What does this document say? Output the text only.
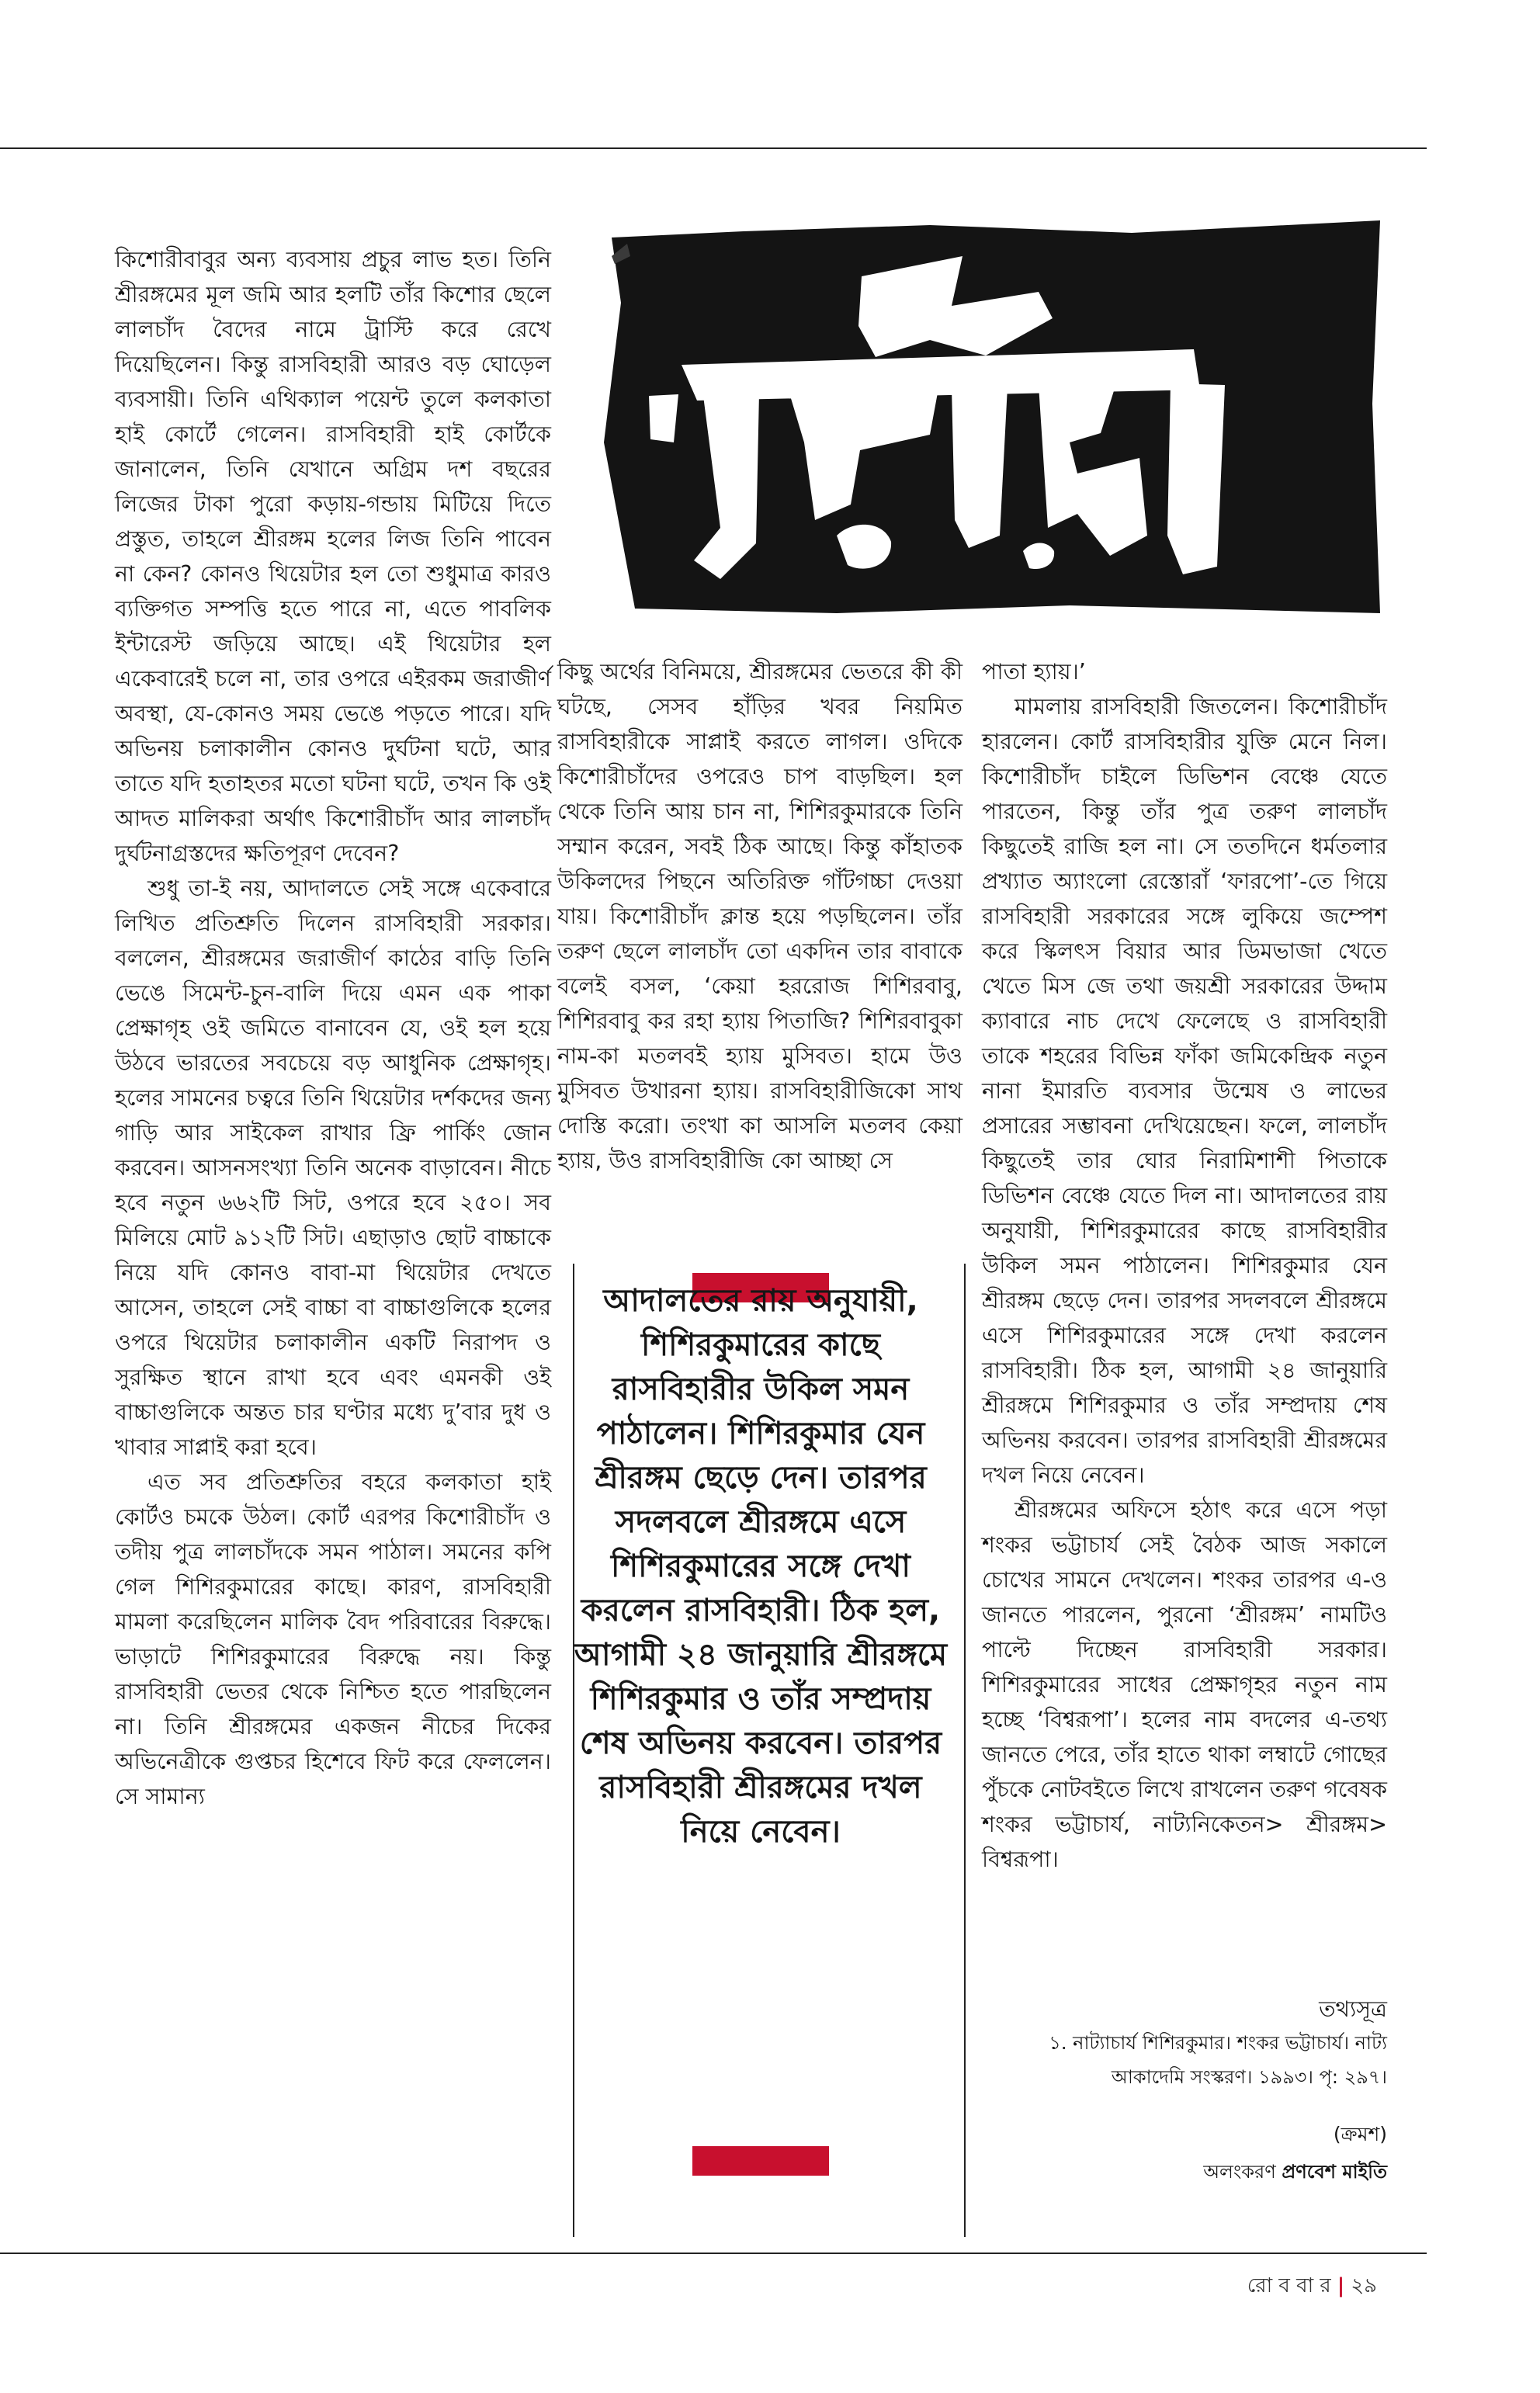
কিশোরীবাবুর অন্য ব্যবসায় প্রচুর লাভ হত। তিনি শ্রীরঙ্গমের মূল জমি আর হলটি তাঁর কিশোর ছেলে লালচাঁদ বৈদের নামে ট্রাস্টি করে রেখে দিয়েছিলেন। কিন্তু রাসবিহারী আরও বড় ঘোড়েল ব্যবসায়ী। তিনি এথিক্যাল পয়েন্ট তুলে কলকাতা হাই কোর্টে গেলেন। রাসবিহারী হাই কোর্টকে জানালেন, তিনি যেখানে অগ্রিম দশ বছরের লিজের টাকা পুরো কড়ায়-গন্ডায় মিটিয়ে দিতে প্রস্তুত, তাহলে শ্রীরঙ্গম হলের লিজ তিনি পাবেন না কেন? কোনও থিয়েটার হল তো শুধুমাত্র কারও ব্যক্তিগত সম্পত্তি হতে পারে না, এতে পাবলিক ইন্টারেস্ট জড়িয়ে আছে। এই থিয়েটার হল একেবারেই চলে না, তার ওপরে এইরকম জরাজীর্ণ অবস্থা, যে-কোনও সময় ভেঙে পড়তে পারে। যদি অভিনয় চলাকালীন কোনও দুর্ঘটনা ঘটে, আর তাতে যদি হতাহতর মতো ঘটনা ঘটে, তখন কি ওই আদত মালিকরা অর্থাৎ কিশোরীচাঁদ আর লালচাঁদ দুর্ঘটনাগ্রস্তদের ক্ষতিপূরণ দেবেন?

শুধু তা-ই নয়, আদালতে সেই সঙ্গে একেবারে লিখিত প্রতিশ্রুতি দিলেন রাসবিহারী সরকার। বললেন, শ্রীরঙ্গমের জরাজীর্ণ কাঠের বাড়ি তিনি ভেঙে সিমেন্ট-চুন-বালি দিয়ে এমন এক পাকা প্রেক্ষাগৃহ ওই জমিতে বানাবেন যে, ওই হল হয়ে উঠবে ভারতের সবচেয়ে বড় আধুনিক প্রেক্ষাগৃহ। হলের সামনের চত্বরে তিনি থিয়েটার দর্শকদের জন্য গাড়ি আর সাইকেল রাখার ফ্রি পার্কিং জোন করবেন। আসনসংখ্যা তিনি অনেক বাড়াবেন। নীচে হবে নতুন ৬৬২টি সিট, ওপরে হবে ২৫০। সব মিলিয়ে মোট ৯১২টি সিট। এছাড়াও ছোট বাচ্চাকে নিয়ে যদি কোনও বাবা-মা থিয়েটার দেখতে আসেন, তাহলে সেই বাচ্চা বা বাচ্চাগুলিকে হলের ওপরে থিয়েটার চলাকালীন একটি নিরাপদ ও সুরক্ষিত স্থানে রাখা হবে এবং এমনকী ওই বাচ্চাগুলিকে অন্তত চার ঘণ্টার মধ্যে দু’বার দুধ ও খাবার সাপ্লাই করা হবে।

এত সব প্রতিশ্রুতির বহরে কলকাতা হাই কোর্টও চমকে উঠল। কোর্ট এরপর কিশোরীচাঁদ ও তদীয় পুত্র লালচাঁদকে সমন পাঠাল। সমনের কপি গেল শিশিরকুমারের কাছে। কারণ, রাসবিহারী মামলা করেছিলেন মালিক বৈদ পরিবারের বিরুদ্ধে। ভাড়াটে শিশিরকুমারের বিরুদ্ধে নয়। কিন্তু রাসবিহারী ভেতর থেকে নিশ্চিত হতে পারছিলেন না। তিনি শ্রীরঙ্গমের একজন নীচের দিকের অভিনেত্রীকে গুপ্তচর হিশেবে ফিট করে ফেললেন। সে সামান্য

কিছু অর্থের বিনিময়ে, শ্রীরঙ্গমের ভেতরে কী কী ঘটছে, সেসব হাঁড়ির খবর নিয়মিত রাসবিহারীকে সাপ্লাই করতে লাগল। ওদিকে কিশোরীচাঁদের ওপরেও চাপ বাড়ছিল। হল থেকে তিনি আয় চান না, শিশিরকুমারকে তিনি সম্মান করেন, সবই ঠিক আছে। কিন্তু কাঁহাতক উকিলদের পিছনে অতিরিক্ত গাঁটগচ্চা দেওয়া যায়। কিশোরীচাঁদ ক্লান্ত হয়ে পড়ছিলেন। তাঁর তরুণ ছেলে লালচাঁদ তো একদিন তার বাবাকে বলেই বসল, ‘কেয়া হররোজ শিশিরবাবু, শিশিরবাবু কর রহা হ্যায় পিতাজি? শিশিরবাবুকা নাম-কা মতলবই হ্যায় মুসিবত। হামে উও মুসিবত উখারনা হ্যায়। রাসবিহারীজিকো সাথ দোস্তি করো। তংখা কা আসলি মতলব কেয়া হ্যায়, উও রাসবিহারীজি কো আচ্ছা সে

আদালতের রায় অনুযায়ী, শিশিরকুমারের কাছে রাসবিহারীর উকিল সমন পাঠালেন। শিশিরকুমার যেন শ্রীরঙ্গম ছেড়ে দেন। তারপর সদলবলে শ্রীরঙ্গমে এসে শিশিরকুমারের সঙ্গে দেখা করলেন রাসবিহারী। ঠিক হল, আগামী ২৪ জানুয়ারি শ্রীরঙ্গমে শিশিরকুমার ও তাঁর সম্প্রদায় শেষ অভিনয় করবেন। তারপর রাসবিহারী শ্রীরঙ্গমের দখল নিয়ে নেবেন।

পাতা হ্যায়।’

মামলায় রাসবিহারী জিতলেন। কিশোরীচাঁদ হারলেন। কোর্ট রাসবিহারীর যুক্তি মেনে নিল। কিশোরীচাঁদ চাইলে ডিভিশন বেঞ্চে যেতে পারতেন, কিন্তু তাঁর পুত্র তরুণ লালচাঁদ কিছুতেই রাজি হল না। সে ততদিনে ধর্মতলার প্রখ্যাত অ্যাংলো রেস্তোরাঁ ‘ফারপো’-তে গিয়ে রাসবিহারী সরকারের সঙ্গে লুকিয়ে জম্পেশ করে স্কিলৎস বিয়ার আর ডিমভাজা খেতে খেতে মিস জে তথা জয়শ্রী সরকারের উদ্দাম ক্যাবারে নাচ দেখে ফেলেছে ও রাসবিহারী তাকে শহরের বিভিন্ন ফাঁকা জমিকেন্দ্রিক নতুন নানা ইমারতি ব্যবসার উন্মেষ ও লাভের প্রসারের সম্ভাবনা দেখিয়েছেন। ফলে, লালচাঁদ কিছুতেই তার ঘোর নিরামিশাশী পিতাকে ডিভিশন বেঞ্চে যেতে দিল না। আদালতের রায় অনুযায়ী, শিশিরকুমারের কাছে রাসবিহারীর উকিল সমন পাঠালেন। শিশিরকুমার যেন শ্রীরঙ্গম ছেড়ে দেন। তারপর সদলবলে শ্রীরঙ্গমে এসে শিশিরকুমারের সঙ্গে দেখা করলেন রাসবিহারী। ঠিক হল, আগামী ২৪ জানুয়ারি শ্রীরঙ্গমে শিশিরকুমার ও তাঁর সম্প্রদায় শেষ অভিনয় করবেন। তারপর রাসবিহারী শ্রীরঙ্গমের দখল নিয়ে নেবেন।

শ্রীরঙ্গমের অফিসে হঠাৎ করে এসে পড়া শংকর ভট্টাচার্য সেই বৈঠক আজ সকালে চোখের সামনে দেখলেন। শংকর তারপর এ-ও জানতে পারলেন, পুরনো ‘শ্রীরঙ্গম’ নামটিও পাল্টে দিচ্ছেন রাসবিহারী সরকার। শিশিরকুমারের সাধের প্রেক্ষাগৃহর নতুন নাম হচ্ছে ‘বিশ্বরূপা’। হলের নাম বদলের এ-তথ্য জানতে পেরে, তাঁর হাতে থাকা লম্বাটে গোছের পুঁচকে নোটবইতে লিখে রাখলেন তরুণ গবেষক শংকর ভট্টাচার্য, নাট্যনিকেতন> শ্রীরঙ্গম> বিশ্বরূপা।

তথ্যসূত্র
১. নাট্যাচার্য শিশিরকুমার। শংকর ভট্টাচার্য। নাট্য আকাদেমি সংস্করণ। ১৯৯৩। পৃ: ২৯৭।
(ক্রমশ)
অলংকরণ প্রণবেশ মাইতি
রো ব বা র | ২৯
